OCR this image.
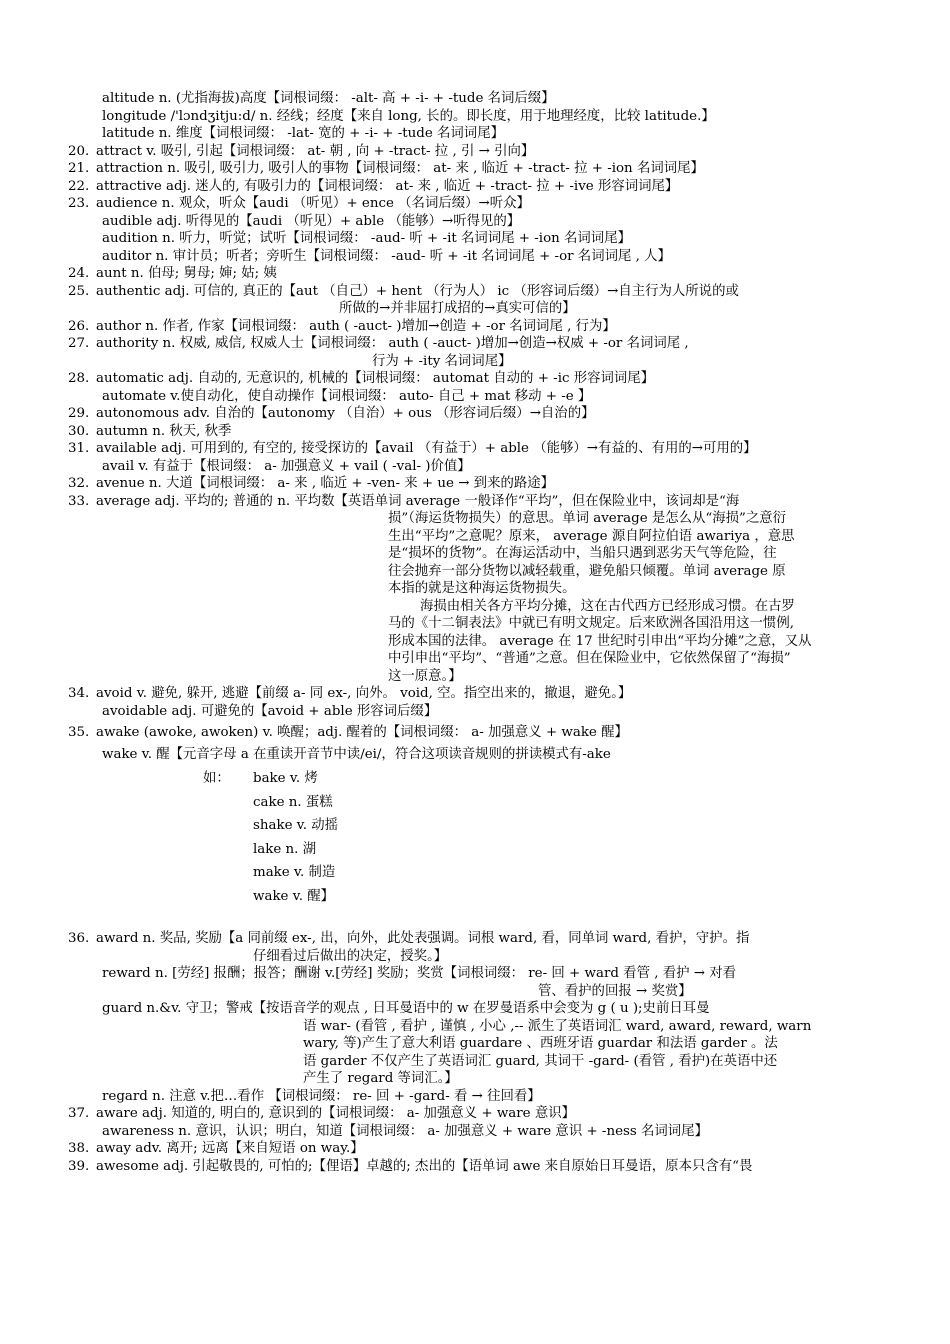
altitude n. (尤指海拔)高度【词根词缀： -alt- 高 + -i- + -tude 名词后缀】
longitude /'lɔndʒitju:d/ n. 经线；经度【来自 long, 长的。即长度，用于地理经度，比较 latitude.】
latitude n. 维度【词根词缀： -lat- 宽的 + -i- + -tude 名词词尾】
20. attract v. 吸引, 引起【词根词缀： at- 朝 , 向 + -tract- 拉 , 引 → 引向】
21. attraction n. 吸引, 吸引力, 吸引人的事物【词根词缀： at- 来 , 临近 + -tract- 拉 + -ion 名词词尾】
22. attractive adj. 迷人的, 有吸引力的【词根词缀： at- 来 , 临近 + -tract- 拉 + -ive 形容词词尾】
23. audience n. 观众，听众【audi （听见）+ ence （名词后缀）→听众】
audible adj. 听得见的【audi （听见）+ able （能够）→听得见的】
audition n. 听力，听觉；试听【词根词缀： -aud- 听 + -it 名词词尾 + -ion 名词词尾】
auditor n. 审计员；听者；旁听生【词根词缀： -aud- 听 + -it 名词词尾 + -or 名词词尾 , 人】
24. aunt n. 伯母; 舅母; 婶; 姑; 姨
25. authentic adj. 可信的, 真正的【aut （自己）+ hent （行为人） ic （形容词后缀）→自主行为人所说的或
所做的→并非屈打成招的→真实可信的】
26. author n. 作者, 作家【词根词缀： auth ( -auct- )增加→创造 + -or 名词词尾 , 行为】
27. authority n. 权威, 威信, 权威人士【词根词缀： auth ( -auct- )增加→创造→权威 + -or 名词词尾 ,
行为 + -ity 名词词尾】
28. automatic adj. 自动的, 无意识的, 机械的【词根词缀： automat 自动的 + -ic 形容词词尾】
automate v.使自动化，使自动操作【词根词缀： auto- 自己 + mat 移动 + -e 】
29. autonomous adv. 自治的【autonomy （自治）+ ous （形容词后缀）→自治的】
30. autumn n. 秋天, 秋季
31. available adj. 可用到的, 有空的, 接受探访的【avail （有益于）+ able （能够）→有益的、有用的→可用的】
avail v. 有益于【根词缀： a- 加强意义 + vail ( -val- )价值】
32. avenue n. 大道【词根词缀： a- 来 , 临近 + -ven- 来 + ue → 到来的路途】
33. average adj. 平均的; 普通的 n. 平均数【英语单词 average 一般译作“平均”，但在保险业中，该词却是“海
损”（海运货物损失）的意思。单词 average 是怎么从“海损”之意衍
生出“平均”之意呢？原来， average 源自阿拉伯语 awariya ，意思
是“损坏的货物”。在海运活动中，当船只遇到恶劣天气等危险，往
往会抛弃一部分货物以减轻载重，避免船只倾覆。单词 average 原
本指的就是这种海运货物损失。
海损由相关各方平均分摊，这在古代西方已经形成习惯。在古罗
马的《十二铜表法》中就已有明文规定。后来欧洲各国沿用这一惯例,
形成本国的法律。 average 在 17 世纪时引申出“平均分摊”之意，又从
中引申出“平均”、“普通”之意。但在保险业中，它依然保留了“海损”
这一原意。】
34. avoid v. 避免, 躲开, 逃避【前缀 a- 同 ex-, 向外。 void, 空。指空出来的，撤退，避免。】
avoidable adj. 可避免的【avoid + able 形容词后缀】
35. awake (awoke, awoken) v. 唤醒；adj. 醒着的【词根词缀： a- 加强意义 + wake 醒】
wake v. 醒【元音字母 a 在重读开音节中读/ei/，符合这项读音规则的拼读模式有-ake
如： bake v. 烤
cake n. 蛋糕
shake v. 动摇
lake n. 湖
make v. 制造
wake v. 醒】
36. award n. 奖品, 奖励【a 同前缀 ex-, 出，向外，此处表强调。词根 ward, 看，同单词 ward, 看护，守护。指
仔细看过后做出的决定，授奖。】
reward n. [劳经] 报酬；报答；酬谢 v.[劳经] 奖励；奖赏【词根词缀： re- 回 + ward 看管 , 看护 → 对看
管、看护的回报 → 奖赏】
guard n.&v. 守卫；警戒【按语音学的观点 , 日耳曼语中的 w 在罗曼语系中会变为 g ( u );史前日耳曼
语 war- (看管 , 看护 , 谨慎 , 小心 ,-- 派生了英语词汇 ward, award, reward, warn
wary, 等)产生了意大利语 guardare 、西班牙语 guardar 和法语 garder 。法
语 garder 不仅产生了英语词汇 guard, 其词干 -gard- (看管 , 看护)在英语中还
产生了 regard 等词汇。】
regard n. 注意 v.把…看作 【词根词缀： re- 回 + -gard- 看 → 往回看】
37. aware adj. 知道的, 明白的, 意识到的【词根词缀： a- 加强意义 + ware 意识】
awareness n. 意识，认识；明白，知道【词根词缀： a- 加强意义 + ware 意识 + -ness 名词词尾】
38. away adv. 离开; 远离【来自短语 on way.】
39. awesome adj. 引起敬畏的, 可怕的;【俚语】卓越的; 杰出的【语单词 awe 来自原始日耳曼语，原本只含有“畏
